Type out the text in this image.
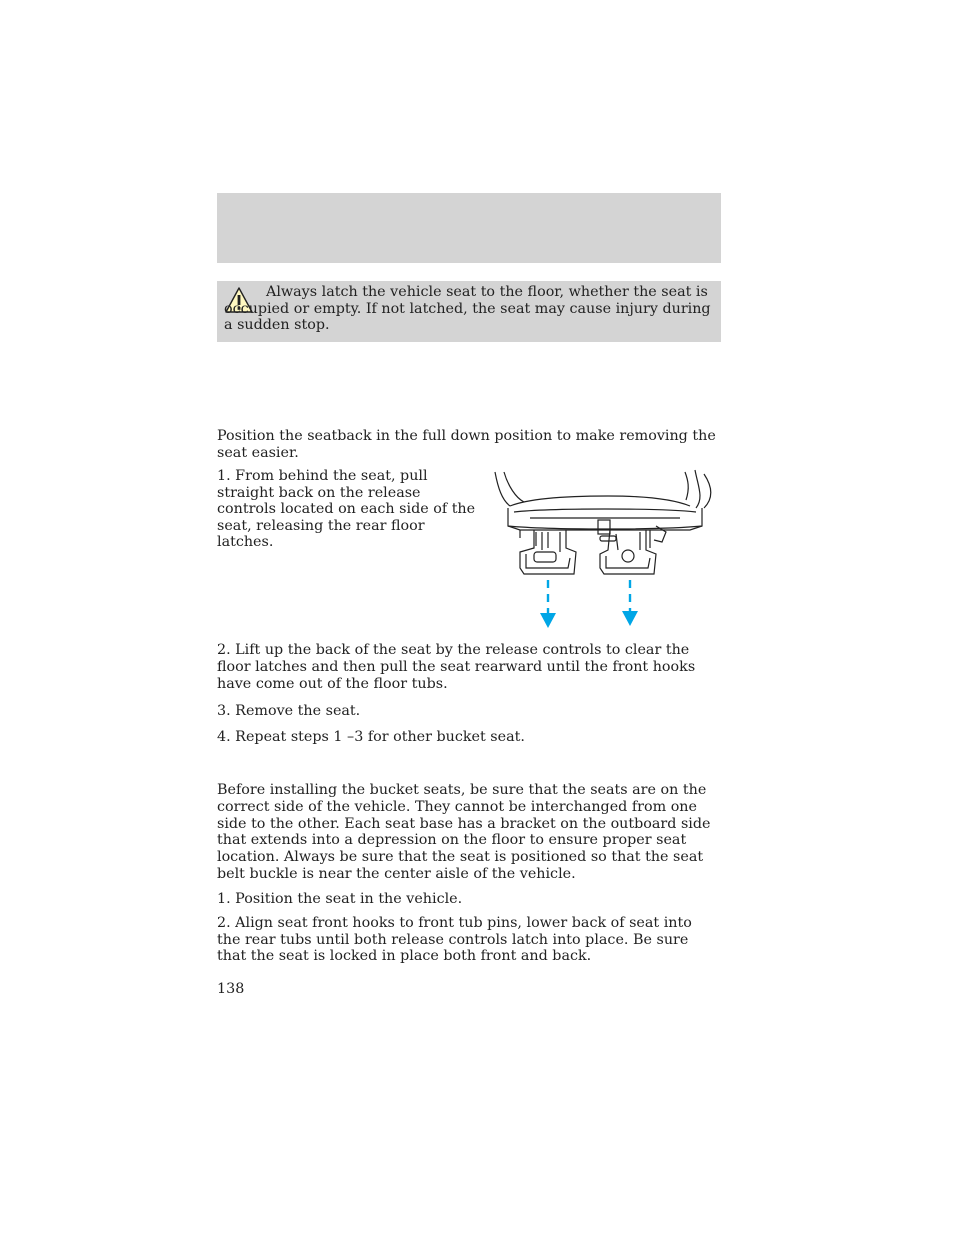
Always latch the vehicle seat to the floor, whether the seat is occupied or empty. If not latched, the seat may cause injury during a sudden stop.

Position the seatback in the full down position to make removing the seat easier.

1. From behind the seat, pull straight back on the release controls located on each side of the seat, releasing the rear floor latches.

2. Lift up the back of the seat by the release controls to clear the floor latches and then pull the seat rearward until the front hooks have come out of the floor tubs.

3. Remove the seat.

4. Repeat steps 1 –3 for other bucket seat.

Before installing the bucket seats, be sure that the seats are on the correct side of the vehicle. They cannot be interchanged from one side to the other. Each seat base has a bracket on the outboard side that extends into a depression on the floor to ensure proper seat location. Always be sure that the seat is positioned so that the seat belt buckle is near the center aisle of the vehicle.

1. Position the seat in the vehicle.

2. Align seat front hooks to front tub pins, lower back of seat into the rear tubs until both release controls latch into place. Be sure that the seat is locked in place both front and back.

138
